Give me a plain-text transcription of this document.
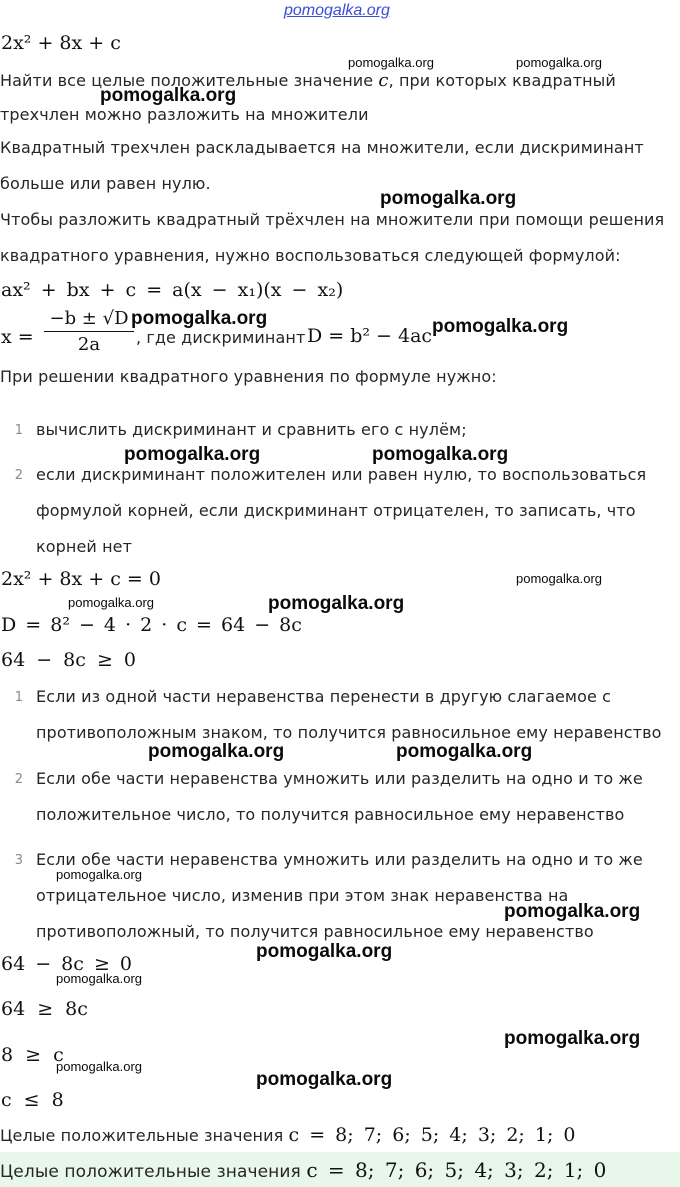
pomogalka.org
2x² + 8x + c
Найти все целые положительные значение c, при которых квадратный
трехчлен можно разложить на множители
Квадратный трехчлен раскладывается на множители, если дискриминант
больше или равен нулю.
Чтобы разложить квадратный трёхчлен на множители при помощи решения
квадратного уравнения, нужно воспользоваться следующей формулой:
ax² + bx + c = a(x − x₁)(x − x₂)
x =
−b ± √D
2a	, где дискриминант D = b² − 4ac
При решении квадратного уравнения по формуле нужно:
1 вычислить дискриминант и сравнить его с нулём;
2 если дискриминант положителен или равен нулю, то воспользоваться
формулой корней, если дискриминант отрицателен, то записать, что
корней нет
2x² + 8x + c = 0
D = 8² − 4 · 2 · c = 64 − 8c
64 − 8c ≥ 0
1 Если из одной части неравенства перенести в другую слагаемое с
противоположным знаком, то получится равносильное ему неравенство
2 Если обе части неравенства умножить или разделить на одно и то же
положительное число, то получится равносильное ему неравенство
3 Если обе части неравенства умножить или разделить на одно и то же
отрицательное число, изменив при этом знак неравенства на
противоположный, то получится равносильное ему неравенство
64 − 8c ≥ 0
64 ≥ 8c
8 ≥ c
c ≤ 8
Целые положительные значения c = 8; 7; 6; 5; 4; 3; 2; 1; 0
Целые положительные значения c = 8; 7; 6; 5; 4; 3; 2; 1; 0
pomogalka.org	pomogalka.org
pomogalka.org
pomogalka.org
pomogalka.org
pomogalka.org
pomogalka.org
pomogalka.org
pomogalka.org
pomogalka.org	pomogalka.org
pomogalka.org	pomogalka.org
pomogalka.org
pomogalka.org	pomogalka.org
pomogalka.org
pomogalka.org
pomogalka.org
pomogalka.org
